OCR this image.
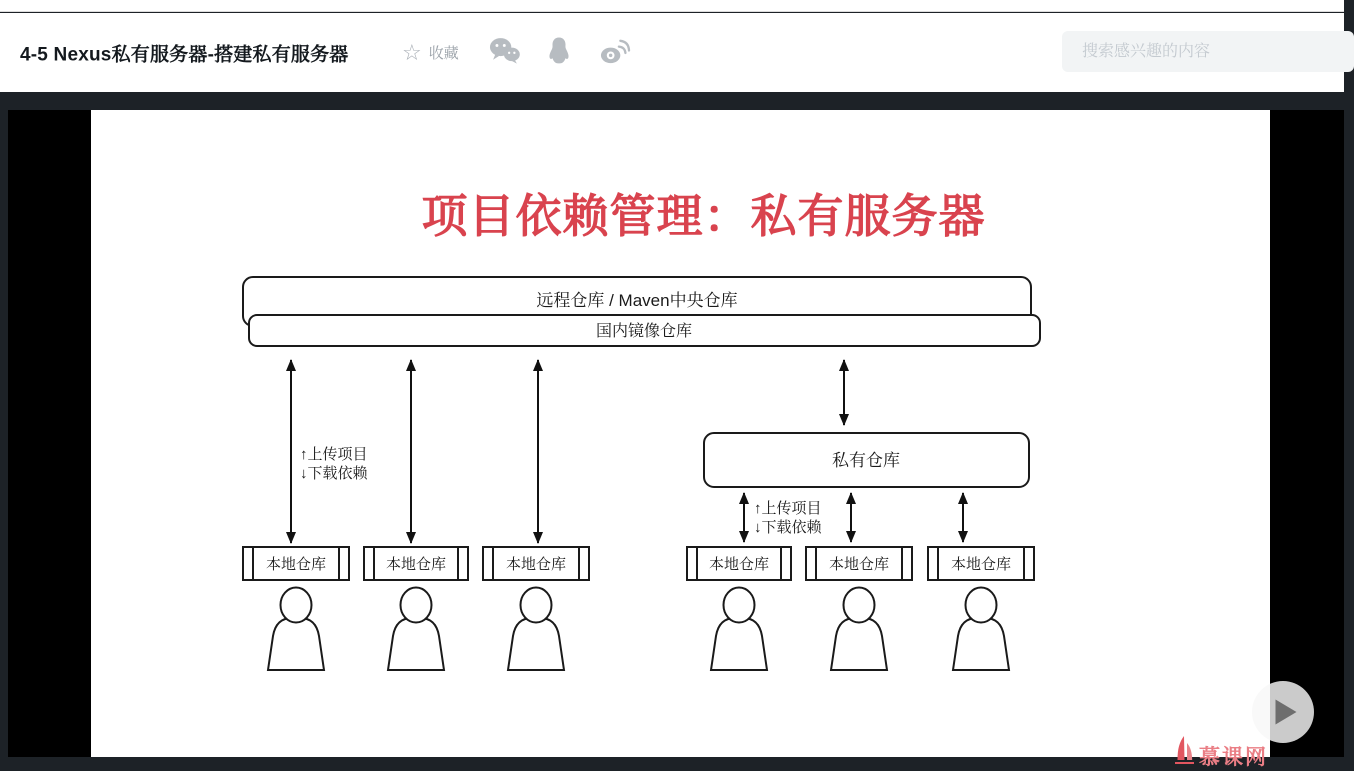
4-5 Nexus私有服务器-搭建私有服务器 ☆ 收藏
搜索感兴趣的内容
项目依赖管理：私有服务器
远程仓库 / Maven中央仓库
国内镜像仓库
↑上传项目
↓下载依赖
私有仓库
↑上传项目
↓下载依赖
本地仓库	本地仓库	本地仓库	本地仓库	本地仓库	本地仓库
慕课网
